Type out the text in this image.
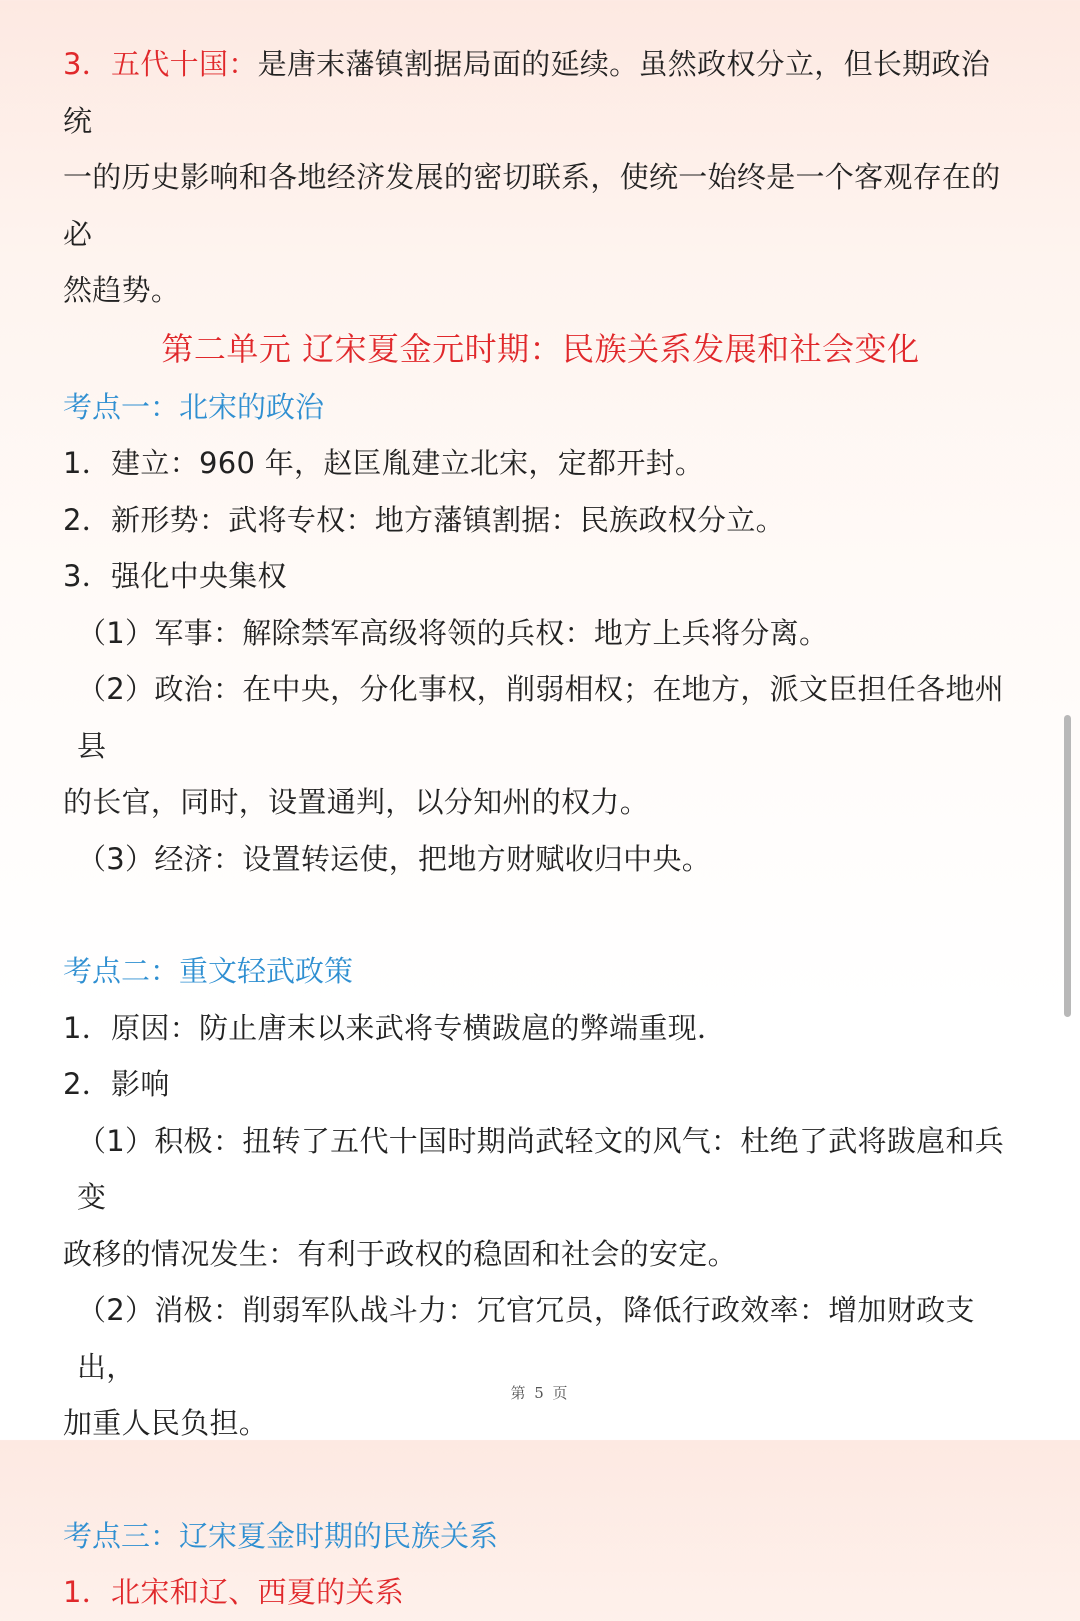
3．五代十国：是唐末藩镇割据局面的延续。虽然政权分立，但长期政治统

一的历史影响和各地经济发展的密切联系，使统一始终是一个客观存在的必

然趋势。

第二单元 辽宋夏金元时期：民族关系发展和社会变化

考点一：北宋的政治

1．建立：960 年，赵匡胤建立北宋，定都开封。

2．新形势：武将专权：地方藩镇割据：民族政权分立。

3．强化中央集权

（1）军事：解除禁军高级将领的兵权：地方上兵将分离。

（2）政治：在中央，分化事权，削弱相权；在地方，派文臣担任各地州县

的长官，同时，设置通判，以分知州的权力。

（3）经济：设置转运使，把地方财赋收归中央。

考点二：重文轻武政策

1．原因：防止唐末以来武将专横跋扈的弊端重现．

2．影响

（1）积极：扭转了五代十国时期尚武轻文的风气：杜绝了武将跋扈和兵变

政移的情况发生：有利于政权的稳固和社会的安定。

（2）消极：削弱军队战斗力：冗官冗员，降低行政效率：增加财政支出，

加重人民负担。

考点三：辽宋夏金时期的民族关系

1．北宋和辽、西夏的关系

第 5 页
